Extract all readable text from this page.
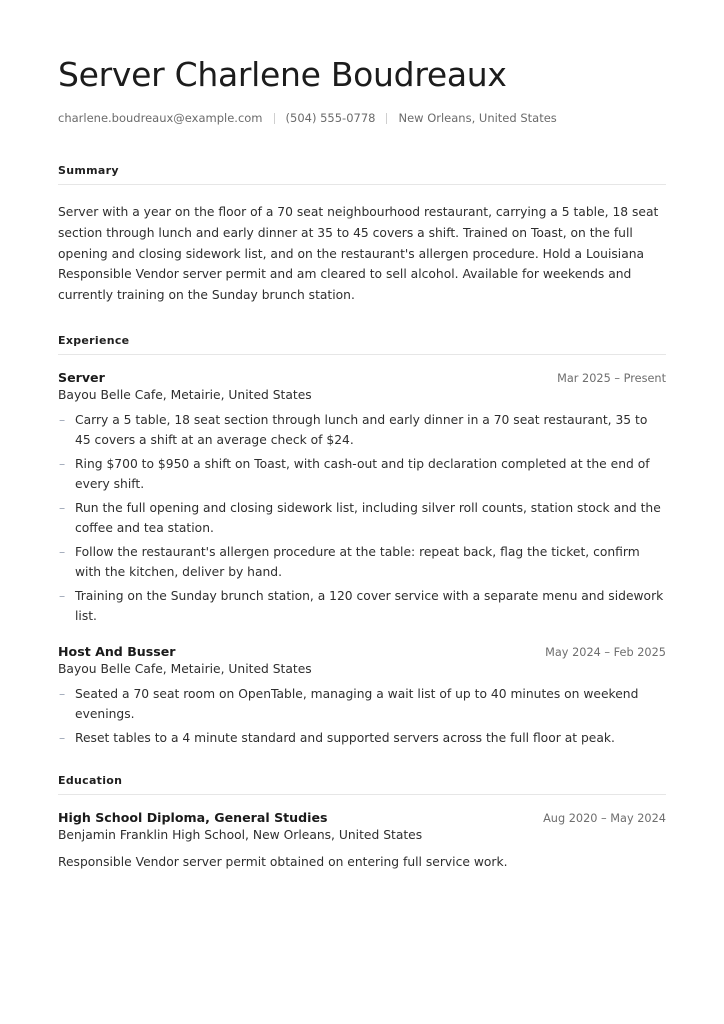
Server Charlene Boudreaux
charlene.boudreaux@example.com (504) 555-0778 New Orleans, United States
Summary

Server with a year on the floor of a 70 seat neighbourhood restaurant, carrying a 5 table, 18 seat section through lunch and early dinner at 35 to 45 covers a shift. Trained on Toast, on the full opening and closing sidework list, and on the restaurant's allergen procedure. Hold a Louisiana Responsible Vendor server permit and am cleared to sell alcohol. Available for weekends and currently training on the Sunday brunch station.

Experience
Server	Mar 2025 – Present
Bayou Belle Cafe, Metairie, United States
– Carry a 5 table, 18 seat section through lunch and early dinner in a 70 seat restaurant, 35 to 45 covers a shift at an average check of $24.
– Ring $700 to $950 a shift on Toast, with cash-out and tip declaration completed at the end of every shift.
– Run the full opening and closing sidework list, including silver roll counts, station stock and the coffee and tea station.
– Follow the restaurant's allergen procedure at the table: repeat back, flag the ticket, confirm with the kitchen, deliver by hand.
– Training on the Sunday brunch station, a 120 cover service with a separate menu and sidework list.
Host And Busser	May 2024 – Feb 2025
Bayou Belle Cafe, Metairie, United States
– Seated a 70 seat room on OpenTable, managing a wait list of up to 40 minutes on weekend evenings.
– Reset tables to a 4 minute standard and supported servers across the full floor at peak.
Education
High School Diploma, General Studies	Aug 2020 – May 2024
Benjamin Franklin High School, New Orleans, United States
Responsible Vendor server permit obtained on entering full service work.
